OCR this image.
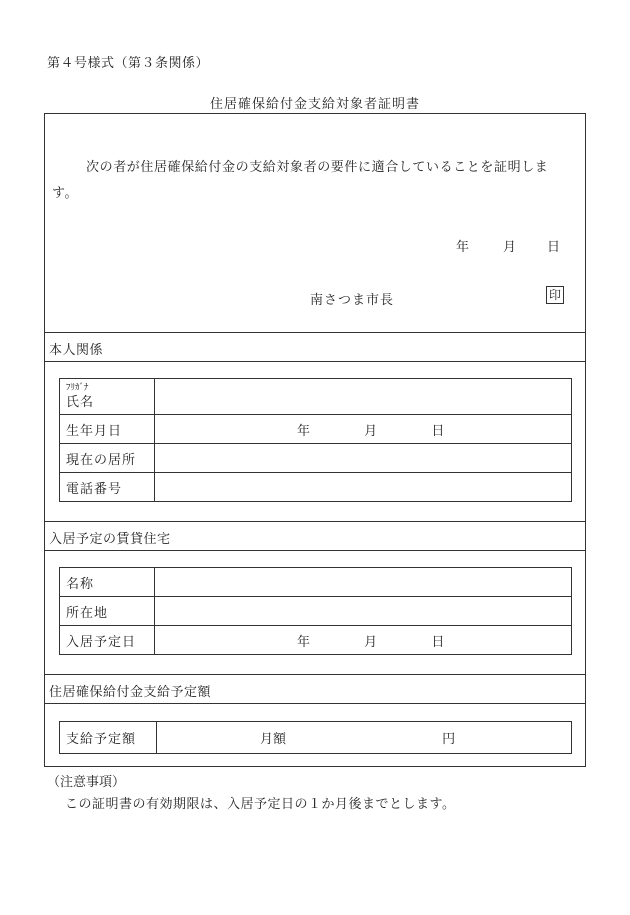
第４号様式（第３条関係）
住居確保給付金支給対象者証明書
次の者が住居確保給付金の支給対象者の要件に適合していることを証明しま
す。
年	月 日
南さつま市長	印
本人関係
ﾌﾘｶﾞﾅ
氏名	

生年月日	年 月 日
現在の居所	
電話番号	
入居予定の賃貸住宅
名称	
所在地	
入居予定日	年 月 日
住居確保給付金支給予定額
支給予定額	月額	円
（注意事項）
この証明書の有効期限は、入居予定日の１か月後までとします。
